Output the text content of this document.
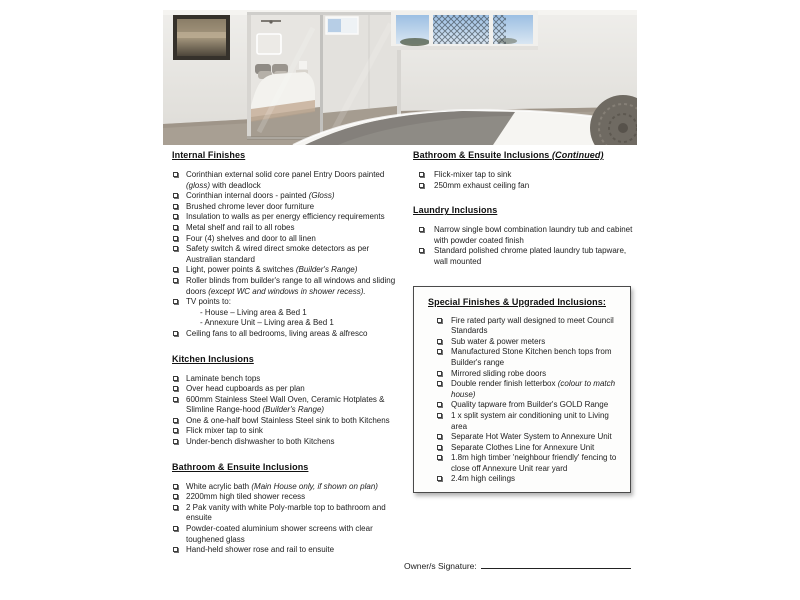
Internal Finishes
Corinthian external solid core panel Entry Doors painted (gloss) with deadlock
Corinthian internal doors - painted (Gloss)
Brushed chrome lever door furniture
Insulation to walls as per energy efficiency requirements
Metal shelf and rail to all robes
Four (4) shelves and door to all linen
Safety switch & wired direct smoke detectors as per Australian standard
Light, power points & switches (Builder's Range)
Roller blinds from builder's range to all windows and sliding doors (except WC and windows in shower recess).
TV points to:
- House – Living area & Bed 1
- Annexure Unit – Living area & Bed 1
Ceiling fans to all bedrooms, living areas & alfresco
Kitchen Inclusions
Laminate bench tops
Over head cupboards as per plan
600mm Stainless Steel Wall Oven, Ceramic Hotplates & Slimline Range-hood (Builder's Range)
One & one-half bowl Stainless Steel sink to both Kitchens
Flick mixer tap to sink
Under-bench dishwasher to both Kitchens
Bathroom & Ensuite Inclusions
White acrylic bath (Main House only, if shown on plan)
2200mm high tiled shower recess
2 Pak vanity with white Poly-marble top to bathroom and ensuite
Powder-coated aluminium shower screens with clear toughened glass
Hand-held shower rose and rail to ensuite
Bathroom & Ensuite Inclusions (Continued)
Flick-mixer tap to sink
250mm exhaust ceiling fan
Laundry Inclusions
Narrow single bowl combination laundry tub and cabinet with powder coated finish
Standard polished chrome plated laundry tub tapware, wall mounted
Special Finishes & Upgraded Inclusions:
Fire rated party wall designed to meet Council Standards
Sub water & power meters
Manufactured Stone Kitchen bench tops from Builder's range
Mirrored sliding robe doors
Double render finish letterbox (colour to match house)
Quality tapware from Builder's GOLD Range
1 x split system air conditioning unit to Living area
Separate Hot Water System to Annexure Unit
Separate Clothes Line for Annexure Unit
1.8m high timber 'neighbour friendly' fencing to close off Annexure Unit rear yard
2.4m high ceilings
Owner/s Signature:
